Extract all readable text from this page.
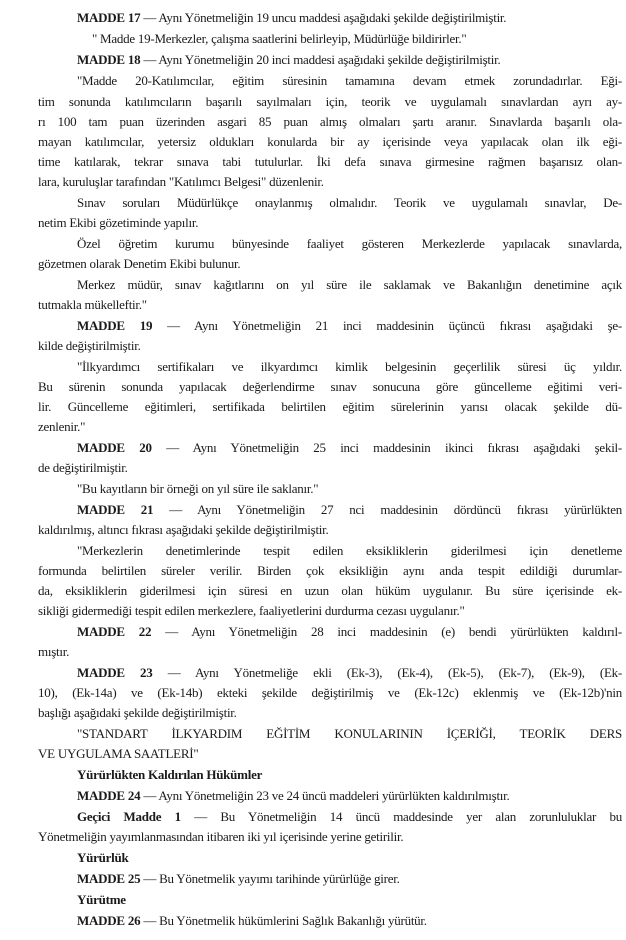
MADDE 17 — Aynı Yönetmeliğin 19 uncu maddesi aşağıdaki şekilde değiştirilmiştir.
" Madde 19-Merkezler, çalışma saatlerini belirleyip, Müdürlüğe bildirirler."
MADDE 18 — Aynı Yönetmeliğin 20 inci maddesi aşağıdaki şekilde değiştirilmiştir.
"Madde 20-Katılımcılar, eğitim süresinin tamamına devam etmek zorundadırlar. Eği-
tim sonunda katılımcıların başarılı sayılmaları için, teorik ve uygulamalı sınavlardan ayrı ay-
rı 100 tam puan üzerinden asgari 85 puan almış olmaları şartı aranır. Sınavlarda başarılı ola-
mayan katılımcılar, yetersiz oldukları konularda bir ay içerisinde veya yapılacak olan ilk eği-
time katılarak, tekrar sınava tabi tutulurlar. İki defa sınava girmesine rağmen başarısız olan-
lara, kuruluşlar tarafından "Katılımcı Belgesi" düzenlenir.
Sınav soruları Müdürlükçe onaylanmış olmalıdır. Teorik ve uygulamalı sınavlar, De-
netim Ekibi gözetiminde yapılır.
Özel öğretim kurumu bünyesinde faaliyet gösteren Merkezlerde yapılacak sınavlarda,
gözetmen olarak Denetim Ekibi bulunur.
Merkez müdür, sınav kağıtlarını on yıl süre ile saklamak ve Bakanlığın denetimine açık
tutmakla mükelleftir."
MADDE 19 — Aynı Yönetmeliğin 21 inci maddesinin üçüncü fıkrası aşağıdaki şe-
kilde değiştirilmiştir.
"İlkyardımcı sertifikaları ve ilkyardımcı kimlik belgesinin geçerlilik süresi üç yıldır.
Bu sürenin sonunda yapılacak değerlendirme sınav sonucuna göre güncelleme eğitimi veri-
lir. Güncelleme eğitimleri, sertifikada belirtilen eğitim sürelerinin yarısı olacak şekilde dü-
zenlenir."
MADDE 20 — Aynı Yönetmeliğin 25 inci maddesinin ikinci fıkrası aşağıdaki şekil-
de değiştirilmiştir.
"Bu kayıtların bir örneği on yıl süre ile saklanır."
MADDE 21 — Aynı Yönetmeliğin 27 nci maddesinin dördüncü fıkrası yürürlükten
kaldırılmış, altıncı fıkrası aşağıdaki şekilde değiştirilmiştir.
"Merkezlerin denetimlerinde tespit edilen eksikliklerin giderilmesi için denetleme
formunda belirtilen süreler verilir. Birden çok eksikliğin aynı anda tespit edildiği durumlar-
da, eksikliklerin giderilmesi için süresi en uzun olan hüküm uygulanır. Bu süre içerisinde ek-
sikliği gidermediği tespit edilen merkezlere, faaliyetlerini durdurma cezası uygulanır."
MADDE 22 — Aynı Yönetmeliğin 28 inci maddesinin (e) bendi yürürlükten kaldırıl-
mıştır.
MADDE 23 — Aynı Yönetmeliğe ekli (Ek-3), (Ek-4), (Ek-5), (Ek-7), (Ek-9), (Ek-
10), (Ek-14a) ve (Ek-14b) ekteki şekilde değiştirilmiş ve (Ek-12c) eklenmiş ve (Ek-12b)'nin
başlığı aşağıdaki şekilde değiştirilmiştir.
"STANDART İLKYARDIM EĞİTİM KONULARININ İÇERİĞİ, TEORİK DERS
VE UYGULAMA SAATLERİ"
Yürürlükten Kaldırılan Hükümler
MADDE 24 — Aynı Yönetmeliğin 23 ve 24 üncü maddeleri yürürlükten kaldırılmıştır.
Geçici Madde 1 — Bu Yönetmeliğin 14 üncü maddesinde yer alan zorunluluklar bu
Yönetmeliğin yayımlanmasından itibaren iki yıl içerisinde yerine getirilir.
Yürürlük
MADDE 25 — Bu Yönetmelik yayımı tarihinde yürürlüğe girer.
Yürütme
MADDE 26 — Bu Yönetmelik hükümlerini Sağlık Bakanlığı yürütür.
